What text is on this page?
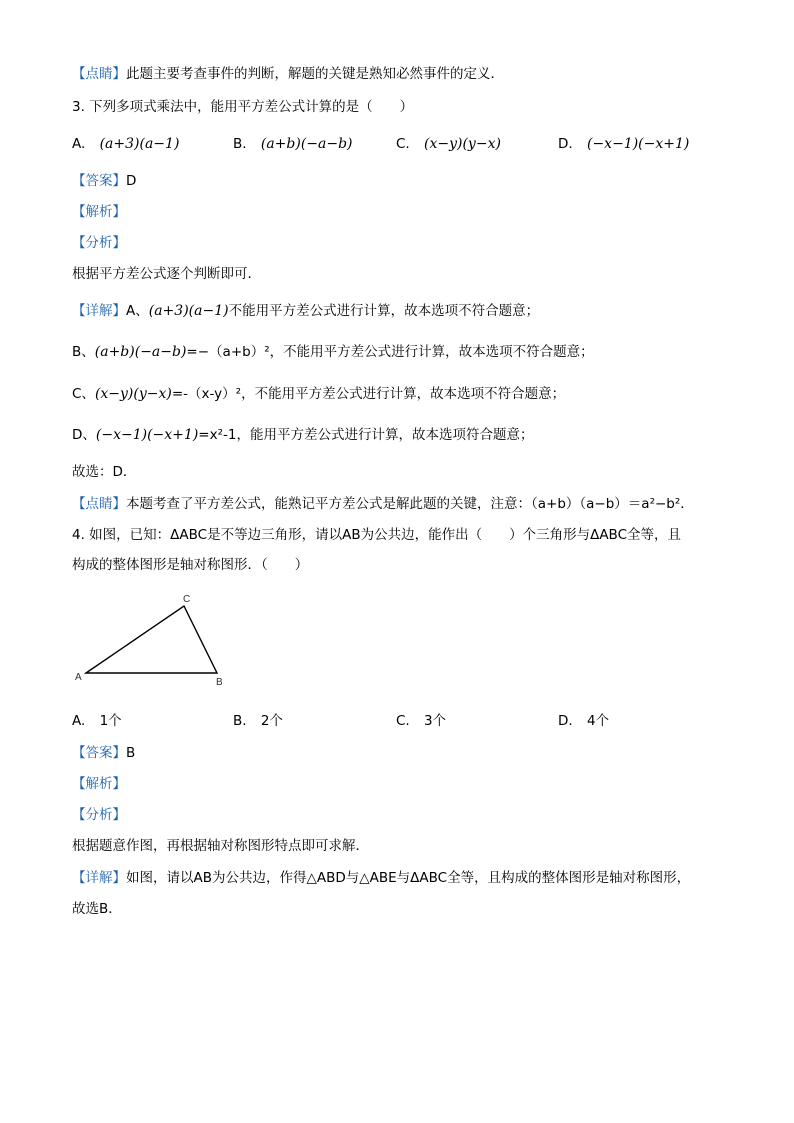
【点睛】此题主要考查事件的判断，解题的关键是熟知必然事件的定义．
3. 下列多项式乘法中，能用平方差公式计算的是（　　）
A. (a+3)(a−1)	B. (a+b)(−a−b)	C. (x−y)(y−x)	D. (−x−1)(−x+1)
【答案】D
【解析】
【分析】
根据平方差公式逐个判断即可．
【详解】A、(a+3)(a−1)不能用平方差公式进行计算，故本选项不符合题意；
B、(a+b)(−a−b)=−（a+b）²，不能用平方差公式进行计算，故本选项不符合题意；
C、(x−y)(y−x)=-（x-y）²，不能用平方差公式进行计算，故本选项不符合题意；
D、(−x−1)(−x+1)=x²-1，能用平方差公式进行计算，故本选项符合题意；
故选：D．
【点睛】本题考查了平方差公式，能熟记平方差公式是解此题的关键，注意：（a+b）（a−b）＝a²−b²．
4. 如图，已知：ΔABC是不等边三角形，请以AB为公共边，能作出（　　）个三角形与ΔABC全等，且
构成的整体图形是轴对称图形．（　　）
A	B
C
A. 1个	B. 2个	C. 3个	D. 4个
【答案】B
【解析】
【分析】
根据题意作图，再根据轴对称图形特点即可求解．
【详解】如图，请以AB为公共边，作得△ABD与△ABE与ΔABC全等，且构成的整体图形是轴对称图形，
故选B．
